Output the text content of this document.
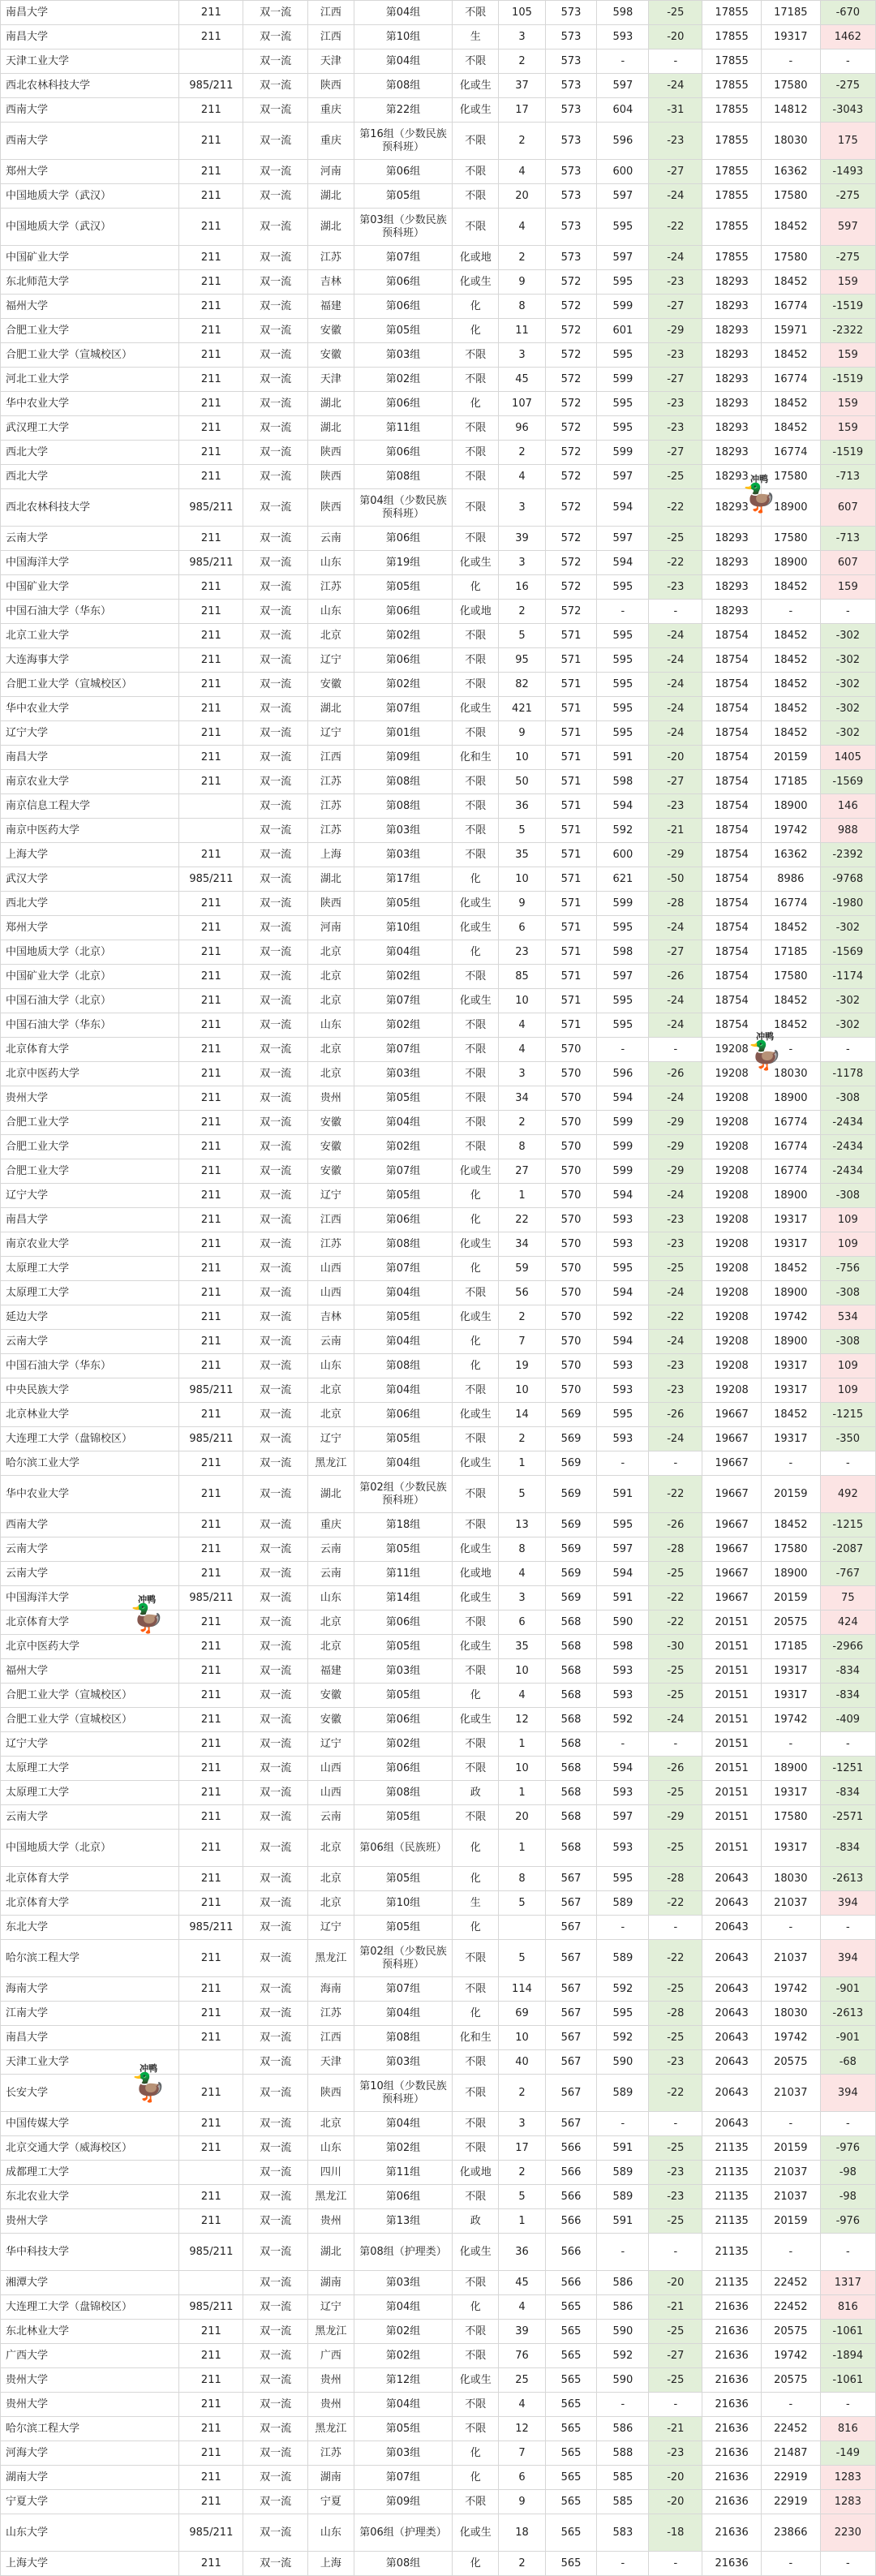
南昌大学	211	双一流	江西	第04组	不限	105	573	598	-25	17855	17185	-670
南昌大学	211	双一流	江西	第10组	生	3	573	593	-20	17855	19317	1462
天津工业大学		双一流	天津	第04组	不限	2	573	-	-	17855	-	-
西北农林科技大学	985/211	双一流	陕西	第08组	化或生	37	573	597	-24	17855	17580	-275
西南大学	211	双一流	重庆	第22组	化或生	17	573	604	-31	17855	14812	-3043
西南大学	211	双一流	重庆	第16组（少数民族预科班）	不限	2	573	596	-23	17855	18030	175
郑州大学	211	双一流	河南	第06组	不限	4	573	600	-27	17855	16362	-1493
中国地质大学（武汉）	211	双一流	湖北	第05组	不限	20	573	597	-24	17855	17580	-275
中国地质大学（武汉）	211	双一流	湖北	第03组（少数民族预科班）	不限	4	573	595	-22	17855	18452	597
中国矿业大学	211	双一流	江苏	第07组	化或地	2	573	597	-24	17855	17580	-275
东北师范大学	211	双一流	吉林	第06组	化或生	9	572	595	-23	18293	18452	159
福州大学	211	双一流	福建	第06组	化	8	572	599	-27	18293	16774	-1519
合肥工业大学	211	双一流	安徽	第05组	化	11	572	601	-29	18293	15971	-2322
合肥工业大学（宣城校区）	211	双一流	安徽	第03组	不限	3	572	595	-23	18293	18452	159
河北工业大学	211	双一流	天津	第02组	不限	45	572	599	-27	18293	16774	-1519
华中农业大学	211	双一流	湖北	第06组	化	107	572	595	-23	18293	18452	159
武汉理工大学	211	双一流	湖北	第11组	不限	96	572	595	-23	18293	18452	159
西北大学	211	双一流	陕西	第06组	不限	2	572	599	-27	18293	16774	-1519
西北大学	211	双一流	陕西	第08组	不限	4	572	597	-25	18293	17580	-713
西北农林科技大学	985/211	双一流	陕西	第04组（少数民族预科班）	不限	3	572	594	-22	18293	18900	607
云南大学	211	双一流	云南	第06组	不限	39	572	597	-25	18293	17580	-713
中国海洋大学	985/211	双一流	山东	第19组	化或生	3	572	594	-22	18293	18900	607
中国矿业大学	211	双一流	江苏	第05组	化	16	572	595	-23	18293	18452	159
中国石油大学（华东）	211	双一流	山东	第06组	化或地	2	572	-	-	18293	-	-
北京工业大学	211	双一流	北京	第02组	不限	5	571	595	-24	18754	18452	-302
大连海事大学	211	双一流	辽宁	第06组	不限	95	571	595	-24	18754	18452	-302
合肥工业大学（宣城校区）	211	双一流	安徽	第02组	不限	82	571	595	-24	18754	18452	-302
华中农业大学	211	双一流	湖北	第07组	化或生	421	571	595	-24	18754	18452	-302
辽宁大学	211	双一流	辽宁	第01组	不限	9	571	595	-24	18754	18452	-302
南昌大学	211	双一流	江西	第09组	化和生	10	571	591	-20	18754	20159	1405
南京农业大学	211	双一流	江苏	第08组	不限	50	571	598	-27	18754	17185	-1569
南京信息工程大学		双一流	江苏	第08组	不限	36	571	594	-23	18754	18900	146
南京中医药大学		双一流	江苏	第03组	不限	5	571	592	-21	18754	19742	988
上海大学	211	双一流	上海	第03组	不限	35	571	600	-29	18754	16362	-2392
武汉大学	985/211	双一流	湖北	第17组	化	10	571	621	-50	18754	8986	-9768
西北大学	211	双一流	陕西	第05组	化或生	9	571	599	-28	18754	16774	-1980
郑州大学	211	双一流	河南	第10组	化或生	6	571	595	-24	18754	18452	-302
中国地质大学（北京）	211	双一流	北京	第04组	化	23	571	598	-27	18754	17185	-1569
中国矿业大学（北京）	211	双一流	北京	第02组	不限	85	571	597	-26	18754	17580	-1174
中国石油大学（北京）	211	双一流	北京	第07组	化或生	10	571	595	-24	18754	18452	-302
中国石油大学（华东）	211	双一流	山东	第02组	不限	4	571	595	-24	18754	18452	-302
北京体育大学	211	双一流	北京	第07组	不限	4	570	-	-	19208	-	-
北京中医药大学	211	双一流	北京	第03组	不限	3	570	596	-26	19208	18030	-1178
贵州大学	211	双一流	贵州	第05组	不限	34	570	594	-24	19208	18900	-308
合肥工业大学	211	双一流	安徽	第04组	不限	2	570	599	-29	19208	16774	-2434
合肥工业大学	211	双一流	安徽	第02组	不限	8	570	599	-29	19208	16774	-2434
合肥工业大学	211	双一流	安徽	第07组	化或生	27	570	599	-29	19208	16774	-2434
辽宁大学	211	双一流	辽宁	第05组	化	1	570	594	-24	19208	18900	-308
南昌大学	211	双一流	江西	第06组	化	22	570	593	-23	19208	19317	109
南京农业大学	211	双一流	江苏	第08组	化或生	34	570	593	-23	19208	19317	109
太原理工大学	211	双一流	山西	第07组	化	59	570	595	-25	19208	18452	-756
太原理工大学	211	双一流	山西	第04组	不限	56	570	594	-24	19208	18900	-308
延边大学	211	双一流	吉林	第05组	化或生	2	570	592	-22	19208	19742	534
云南大学	211	双一流	云南	第04组	化	7	570	594	-24	19208	18900	-308
中国石油大学（华东）	211	双一流	山东	第08组	化	19	570	593	-23	19208	19317	109
中央民族大学	985/211	双一流	北京	第04组	不限	10	570	593	-23	19208	19317	109
北京林业大学	211	双一流	北京	第06组	化或生	14	569	595	-26	19667	18452	-1215
大连理工大学（盘锦校区）	985/211	双一流	辽宁	第05组	不限	2	569	593	-24	19667	19317	-350
哈尔滨工业大学	211	双一流	黑龙江	第04组	化或生	1	569	-	-	19667	-	-
华中农业大学	211	双一流	湖北	第02组（少数民族预科班）	不限	5	569	591	-22	19667	20159	492
西南大学	211	双一流	重庆	第18组	不限	13	569	595	-26	19667	18452	-1215
云南大学	211	双一流	云南	第05组	化或生	8	569	597	-28	19667	17580	-2087
云南大学	211	双一流	云南	第11组	化或地	4	569	594	-25	19667	18900	-767
中国海洋大学	985/211	双一流	山东	第14组	化或生	3	569	591	-22	19667	20159	75
北京体育大学	211	双一流	北京	第06组	不限	6	568	590	-22	20151	20575	424
北京中医药大学	211	双一流	北京	第05组	化或生	35	568	598	-30	20151	17185	-2966
福州大学	211	双一流	福建	第03组	不限	10	568	593	-25	20151	19317	-834
合肥工业大学（宣城校区）	211	双一流	安徽	第05组	化	4	568	593	-25	20151	19317	-834
合肥工业大学（宣城校区）	211	双一流	安徽	第06组	化或生	12	568	592	-24	20151	19742	-409
辽宁大学	211	双一流	辽宁	第02组	不限	1	568	-	-	20151	-	-
太原理工大学	211	双一流	山西	第06组	不限	10	568	594	-26	20151	18900	-1251
太原理工大学	211	双一流	山西	第08组	政	1	568	593	-25	20151	19317	-834
云南大学	211	双一流	云南	第05组	不限	20	568	597	-29	20151	17580	-2571
中国地质大学（北京）	211	双一流	北京	第06组（民族班）	化	1	568	593	-25	20151	19317	-834
北京体育大学	211	双一流	北京	第05组	化	8	567	595	-28	20643	18030	-2613
北京体育大学	211	双一流	北京	第10组	生	5	567	589	-22	20643	21037	394
东北大学	985/211	双一流	辽宁	第05组	化		567	-	-	20643	-	-
哈尔滨工程大学	211	双一流	黑龙江	第02组（少数民族预科班）	不限	5	567	589	-22	20643	21037	394
海南大学	211	双一流	海南	第07组	不限	114	567	592	-25	20643	19742	-901
江南大学	211	双一流	江苏	第04组	化	69	567	595	-28	20643	18030	-2613
南昌大学	211	双一流	江西	第08组	化和生	10	567	592	-25	20643	19742	-901
天津工业大学		双一流	天津	第03组	不限	40	567	590	-23	20643	20575	-68
长安大学	211	双一流	陕西	第10组（少数民族预科班）	不限	2	567	589	-22	20643	21037	394
中国传媒大学	211	双一流	北京	第04组	不限	3	567	-	-	20643	-	-
北京交通大学（威海校区）	211	双一流	山东	第02组	不限	17	566	591	-25	21135	20159	-976
成都理工大学		双一流	四川	第11组	化或地	2	566	589	-23	21135	21037	-98
东北农业大学	211	双一流	黑龙江	第06组	不限	5	566	589	-23	21135	21037	-98
贵州大学	211	双一流	贵州	第13组	政	1	566	591	-25	21135	20159	-976
华中科技大学	985/211	双一流	湖北	第08组（护理类）	化或生	36	566	-	-	21135	-	-
湘潭大学		双一流	湖南	第03组	不限	45	566	586	-20	21135	22452	1317
大连理工大学（盘锦校区）	985/211	双一流	辽宁	第04组	化	4	565	586	-21	21636	22452	816
东北林业大学	211	双一流	黑龙江	第02组	不限	39	565	590	-25	21636	20575	-1061
广西大学	211	双一流	广西	第02组	不限	76	565	592	-27	21636	19742	-1894
贵州大学	211	双一流	贵州	第12组	化或生	25	565	590	-25	21636	20575	-1061
贵州大学	211	双一流	贵州	第04组	不限	4	565	-	-	21636	-	-
哈尔滨工程大学	211	双一流	黑龙江	第05组	不限	12	565	586	-21	21636	22452	816
河海大学	211	双一流	江苏	第03组	化	7	565	588	-23	21636	21487	-149
湖南大学	211	双一流	湖南	第07组	化	6	565	585	-20	21636	22919	1283
宁夏大学	211	双一流	宁夏	第09组	不限	9	565	585	-20	21636	22919	1283
山东大学	985/211	双一流	山东	第06组（护理类）	化或生	18	565	583	-18	21636	23866	2230
上海大学	211	双一流	上海	第08组	化	2	565	-	-	21636	-	-
冲鸭
🦆
冲鸭
🦆
冲鸭
🦆
冲鸭
🦆
